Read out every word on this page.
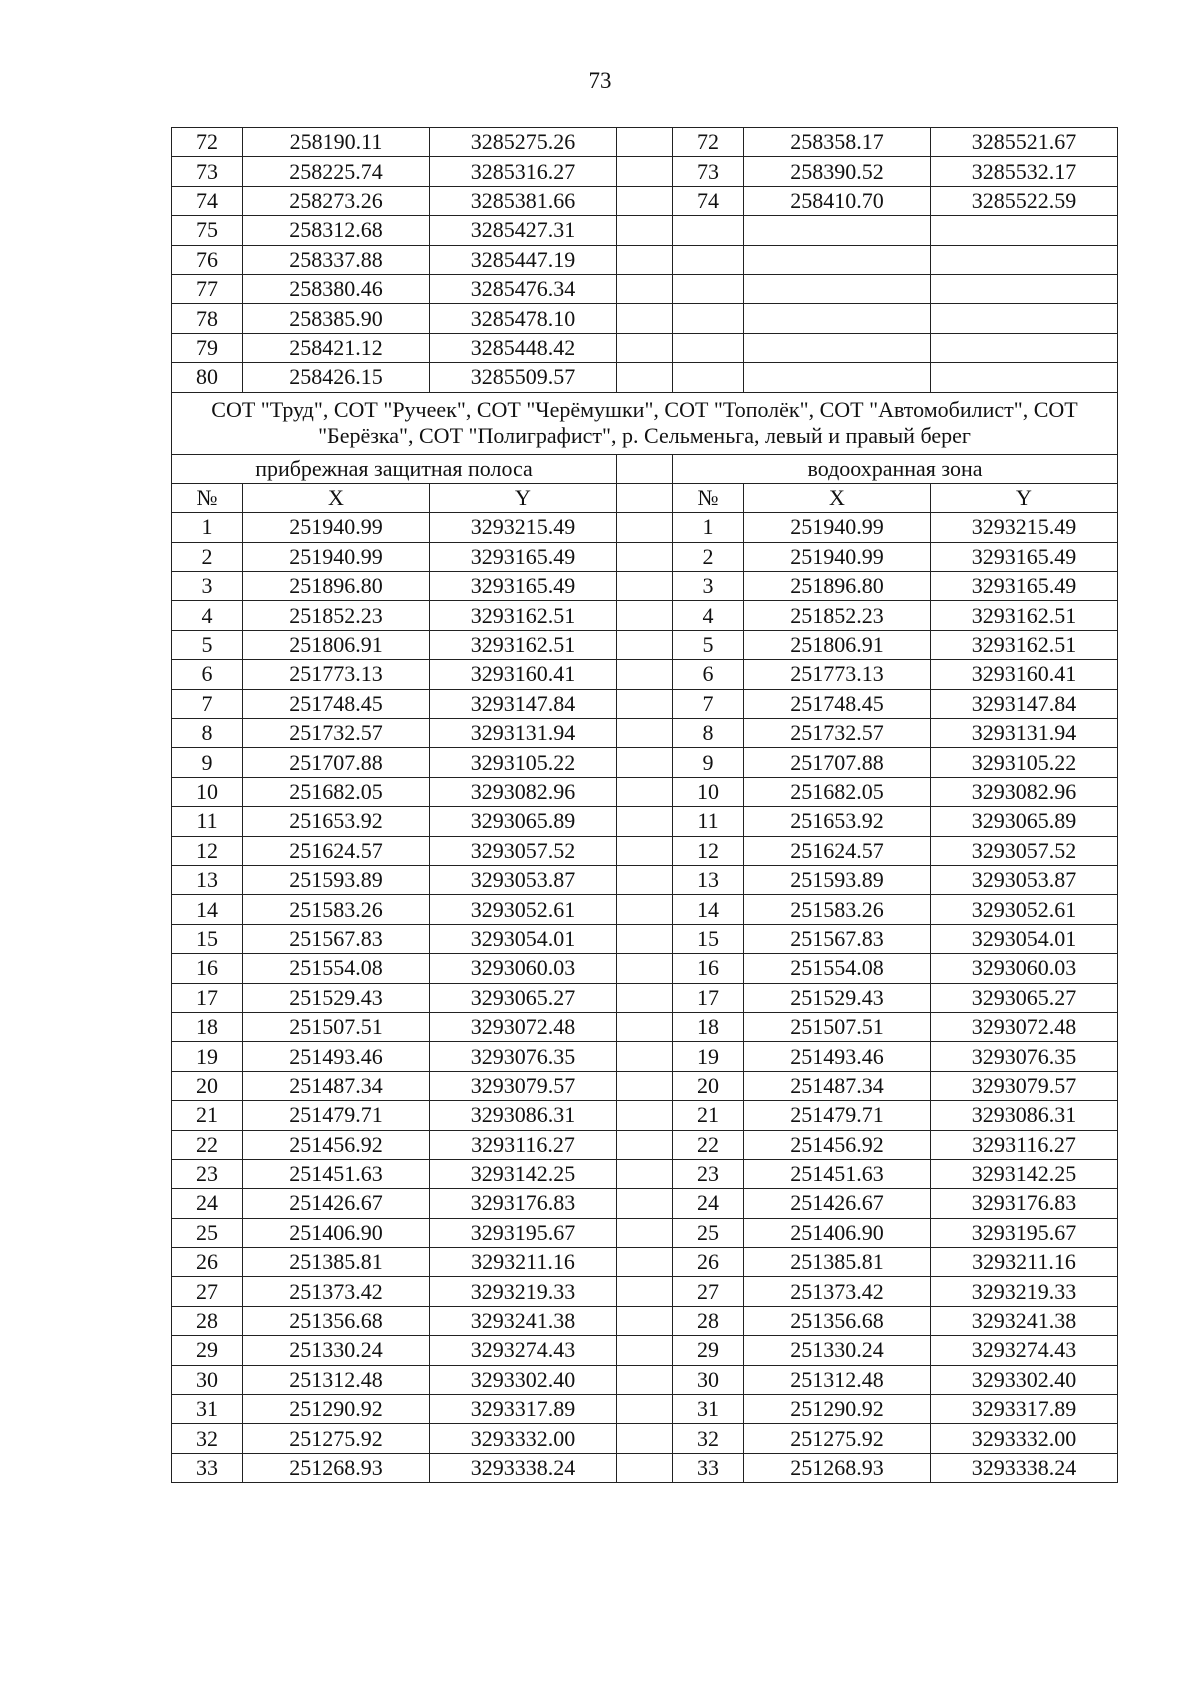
73
72	258190.11	3285275.26		72	258358.17	3285521.67
73	258225.74	3285316.27		73	258390.52	3285532.17
74	258273.26	3285381.66		74	258410.70	3285522.59
75	258312.68	3285427.31				
76	258337.88	3285447.19				
77	258380.46	3285476.34				
78	258385.90	3285478.10				
79	258421.12	3285448.42				
80	258426.15	3285509.57				
СОТ "Труд", СОТ "Ручеек", СОТ "Черёмушки", СОТ "Тополёк", СОТ "Автомобилист", СОТ "Берёзка", СОТ "Полиграфист", р. Сельменьга, левый и правый берег						
прибрежная защитная полоса				водоохранная зона		
№	X	Y		№	X	Y
1	251940.99	3293215.49		1	251940.99	3293215.49
2	251940.99	3293165.49		2	251940.99	3293165.49
3	251896.80	3293165.49		3	251896.80	3293165.49
4	251852.23	3293162.51		4	251852.23	3293162.51
5	251806.91	3293162.51		5	251806.91	3293162.51
6	251773.13	3293160.41		6	251773.13	3293160.41
7	251748.45	3293147.84		7	251748.45	3293147.84
8	251732.57	3293131.94		8	251732.57	3293131.94
9	251707.88	3293105.22		9	251707.88	3293105.22
10	251682.05	3293082.96		10	251682.05	3293082.96
11	251653.92	3293065.89		11	251653.92	3293065.89
12	251624.57	3293057.52		12	251624.57	3293057.52
13	251593.89	3293053.87		13	251593.89	3293053.87
14	251583.26	3293052.61		14	251583.26	3293052.61
15	251567.83	3293054.01		15	251567.83	3293054.01
16	251554.08	3293060.03		16	251554.08	3293060.03
17	251529.43	3293065.27		17	251529.43	3293065.27
18	251507.51	3293072.48		18	251507.51	3293072.48
19	251493.46	3293076.35		19	251493.46	3293076.35
20	251487.34	3293079.57		20	251487.34	3293079.57
21	251479.71	3293086.31		21	251479.71	3293086.31
22	251456.92	3293116.27		22	251456.92	3293116.27
23	251451.63	3293142.25		23	251451.63	3293142.25
24	251426.67	3293176.83		24	251426.67	3293176.83
25	251406.90	3293195.67		25	251406.90	3293195.67
26	251385.81	3293211.16		26	251385.81	3293211.16
27	251373.42	3293219.33		27	251373.42	3293219.33
28	251356.68	3293241.38		28	251356.68	3293241.38
29	251330.24	3293274.43		29	251330.24	3293274.43
30	251312.48	3293302.40		30	251312.48	3293302.40
31	251290.92	3293317.89		31	251290.92	3293317.89
32	251275.92	3293332.00		32	251275.92	3293332.00
33	251268.93	3293338.24		33	251268.93	3293338.24
